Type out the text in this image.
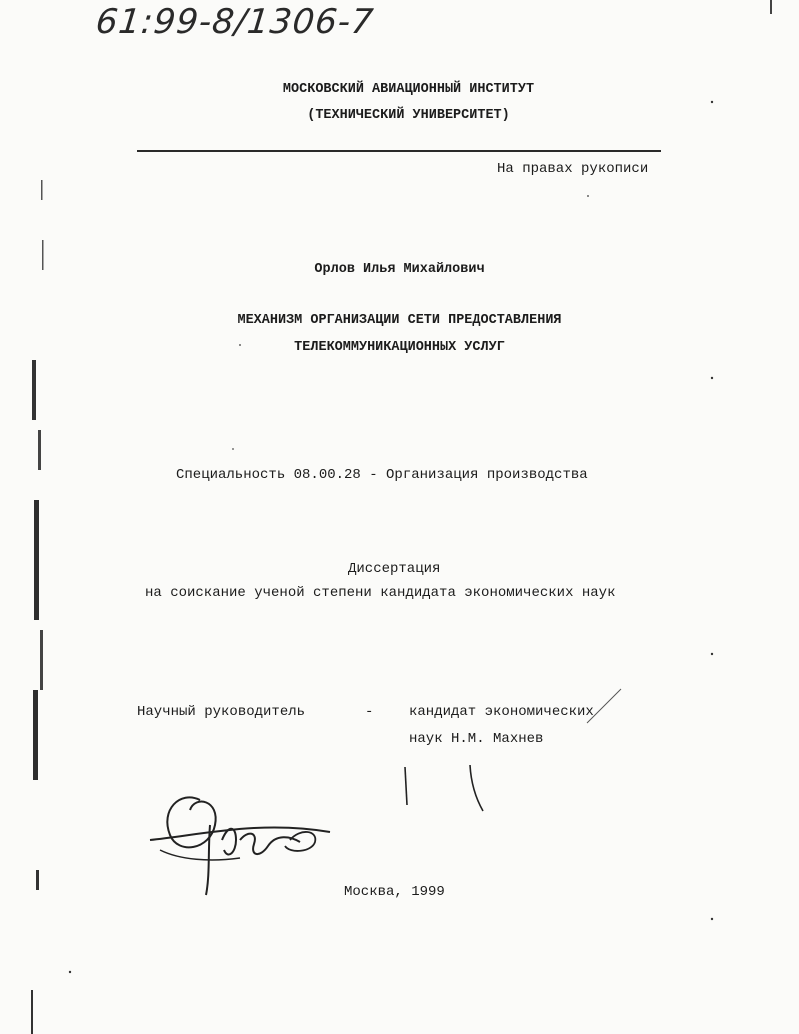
61:99-8/1306-7
МОСКОВСКИЙ АВИАЦИОННЫЙ ИНСТИТУТ
(ТЕХНИЧЕСКИЙ УНИВЕРСИТЕТ)
На правах рукописи
Орлов Илья Михайлович
МЕХАНИЗМ ОРГАНИЗАЦИИ СЕТИ ПРЕДОСТАВЛЕНИЯ
ТЕЛЕКОММУНИКАЦИОННЫХ УСЛУГ
Специальность 08.00.28 - Организация производства
Диссертация
на соискание ученой степени кандидата экономических наук
Научный руководитель	-	кандидат экономических
наук Н.М. Махнев
Москва, 1999
